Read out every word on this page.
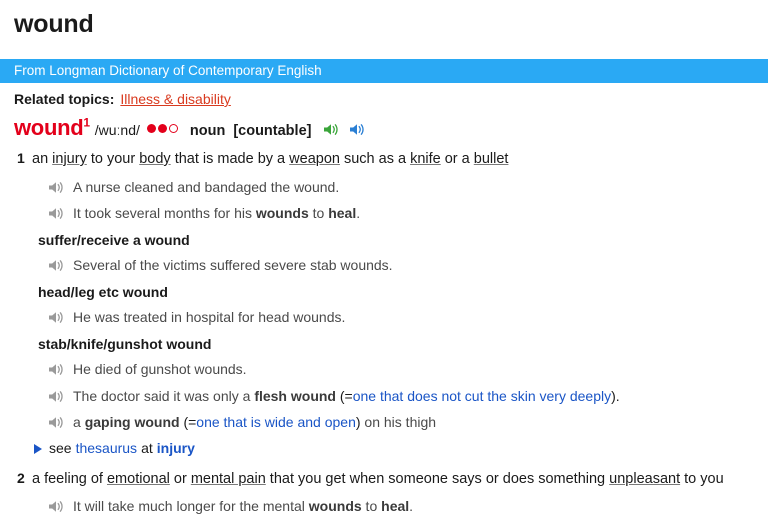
wound
From Longman Dictionary of Contemporary English
Related topics: Illness & disability
wound$^1$ /wuːnd/	noun [countable]
1 an injury to your body that is made by a weapon such as a knife or a bullet
A nurse cleaned and bandaged the wound.
It took several months for his wounds to heal.
suffer/receive a wound
Several of the victims suffered severe stab wounds.
head/leg etc wound
He was treated in hospital for head wounds.
stab/knife/gunshot wound
He died of gunshot wounds.
The doctor said it was only a flesh wound (=one that does not cut the skin very deeply).
a gaping wound (=one that is wide and open) on his thigh
see thesaurus at injury
2 a feeling of emotional or mental pain that you get when someone says or does something unpleasant to you
It will take much longer for the mental wounds to heal.
